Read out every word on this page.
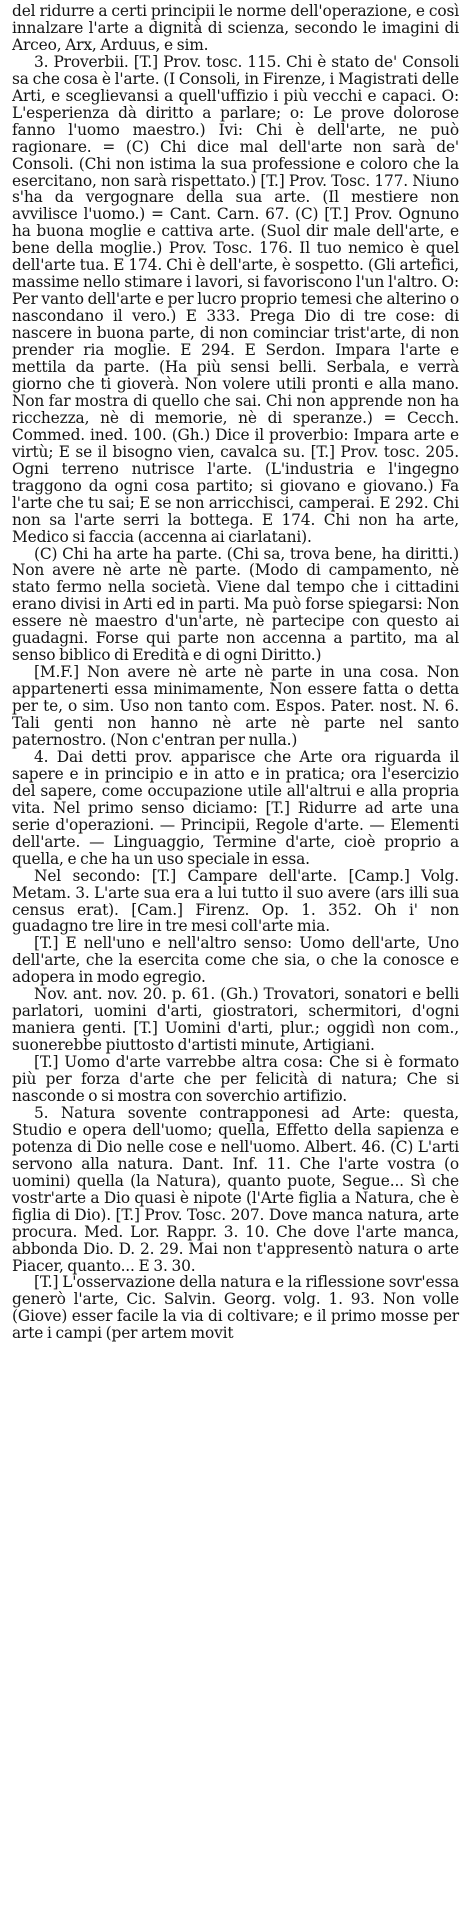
del ridurre a certi principii le norme dell'operazione, e così innalzare l'arte a dignità di scienza, secondo le imagini di Arceo, Arx, Arduus, e sim.

3. Proverbii. [T.] Prov. tosc. 115. Chi è stato de' Consoli sa che cosa è l'arte. (I Consoli, in Firenze, i Magistrati delle Arti, e sceglievansi a quell'uffizio i più vecchi e capaci. O: L'esperienza dà diritto a parlare; o: Le prove dolorose fanno l'uomo maestro.) Ivi: Chi è dell'arte, ne può ragionare. = (C) Chi dice mal dell'arte non sarà de' Consoli. (Chi non istima la sua professione e coloro che la esercitano, non sarà rispettato.) [T.] Prov. Tosc. 177. Niuno s'ha da vergognare della sua arte. (Il mestiere non avvilisce l'uomo.) = Cant. Carn. 67. (C) [T.] Prov. Ognuno ha buona moglie e cattiva arte. (Suol dir male dell'arte, e bene della moglie.) Prov. Tosc. 176. Il tuo nemico è quel dell'arte tua. E 174. Chi è dell'arte, è sospetto. (Gli artefici, massime nello stimare i lavori, si favoriscono l'un l'altro. O: Per vanto dell'arte e per lucro proprio temesi che alterino o nascondano il vero.) E 333. Prega Dio di tre cose: di nascere in buona parte, di non cominciar trist'arte, di non prender ria moglie. E 294. E Serdon. Impara l'arte e mettila da parte. (Ha più sensi belli. Serbala, e verrà giorno che ti gioverà. Non volere utili pronti e alla mano. Non far mostra di quello che sai. Chi non apprende non ha ricchezza, nè di memorie, nè di speranze.) = Cecch. Commed. ined. 100. (Gh.) Dice il proverbio: Impara arte e virtù; E se il bisogno vien, cavalca su. [T.] Prov. tosc. 205. Ogni terreno nutrisce l'arte. (L'industria e l'ingegno traggono da ogni cosa partito; si giovano e giovano.) Fa l'arte che tu sai; E se non arricchisci, camperai. E 292. Chi non sa l'arte serri la bottega. E 174. Chi non ha arte, Medico si faccia (accenna ai ciarlatani).

(C) Chi ha arte ha parte. (Chi sa, trova bene, ha diritti.) Non avere nè arte nè parte. (Modo di campamento, nè stato fermo nella società. Viene dal tempo che i cittadini erano divisi in Arti ed in parti. Ma può forse spiegarsi: Non essere nè maestro d'un'arte, nè partecipe con questo ai guadagni. Forse qui parte non accenna a partito, ma al senso biblico di Eredità e di ogni Diritto.)

[M.F.] Non avere nè arte nè parte in una cosa. Non appartenerti essa minimamente, Non essere fatta o detta per te, o sim. Uso non tanto com. Espos. Pater. nost. N. 6. Tali genti non hanno nè arte nè parte nel santo paternostro. (Non c'entran per nulla.)

4. Dai detti prov. apparisce che Arte ora riguarda il sapere e in principio e in atto e in pratica; ora l'esercizio del sapere, come occupazione utile all'altrui e alla propria vita. Nel primo senso diciamo: [T.] Ridurre ad arte una serie d'operazioni. — Principii, Regole d'arte. — Elementi dell'arte. — Linguaggio, Termine d'arte, cioè proprio a quella, e che ha un uso speciale in essa.

Nel secondo: [T.] Campare dell'arte. [Camp.] Volg. Metam. 3. L'arte sua era a lui tutto il suo avere (ars illi sua census erat). [Cam.] Firenz. Op. 1. 352. Oh i' non guadagno tre lire in tre mesi coll'arte mia.

[T.] E nell'uno e nell'altro senso: Uomo dell'arte, Uno dell'arte, che la esercita come che sia, o che la conosce e adopera in modo egregio.

Nov. ant. nov. 20. p. 61. (Gh.) Trovatori, sonatori e belli parlatori, uomini d'arti, giostratori, schermitori, d'ogni maniera genti. [T.] Uomini d'arti, plur.; oggidì non com., suonerebbe piuttosto d'artisti minute, Artigiani.

[T.] Uomo d'arte varrebbe altra cosa: Che si è formato più per forza d'arte che per felicità di natura; Che si nasconde o si mostra con soverchio artifizio.

5. Natura sovente contrapponesi ad Arte: questa, Studio e opera dell'uomo; quella, Effetto della sapienza e potenza di Dio nelle cose e nell'uomo. Albert. 46. (C) L'arti servono alla natura. Dant. Inf. 11. Che l'arte vostra (o uomini) quella (la Natura), quanto puote, Segue... Sì che vostr'arte a Dio quasi è nipote (l'Arte figlia a Natura, che è figlia di Dio). [T.] Prov. Tosc. 207. Dove manca natura, arte procura. Med. Lor. Rappr. 3. 10. Che dove l'arte manca, abbonda Dio. D. 2. 29. Mai non t'appresentò natura o arte Piacer, quanto... E 3. 30.

[T.] L'osservazione della natura e la riflessione sovr'essa generò l'arte, Cic. Salvin. Georg. volg. 1. 93. Non volle (Giove) esser facile la via di coltivare; e il primo mosse per arte i campi (per artem movit
